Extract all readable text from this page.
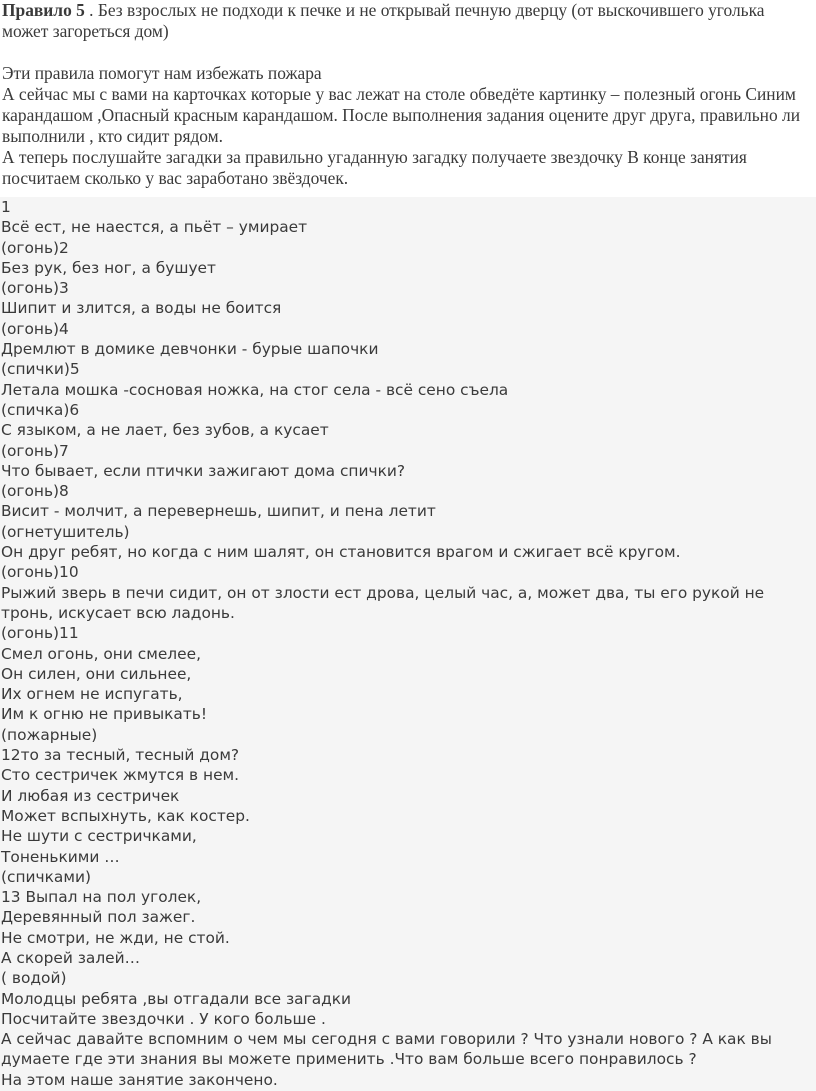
Правило 5 . Без взрослых не подходи к печке и не открывай печную дверцу (от выскочившего уголька может загореться дом)

Эти правила помогут нам избежать пожара

А сейчас мы с вами на карточках которые у вас лежат на столе обведёте картинку – полезный огонь Синим карандашом ,Опасный красным карандашом. После выполнения задания оцените друг друга, правильно ли выполнили , кто сидит рядом.

А теперь послушайте загадки за правильно угаданную загадку получаете звездочку В конце занятия посчитаем сколько у вас заработано звёздочек.

1
Всё ест, не наестся, а пьёт – умирает
(огонь)2
Без рук, без ног, а бушует
(огонь)3
Шипит и злится, а воды не боится
(огонь)4
Дремлют в домике девчонки - бурые шапочки
(спички)5
Летала мошка -сосновая ножка, на стог села - всё сено съела
(спичка)6
С языком, а не лает, без зубов, а кусает
(огонь)7
Что бывает, если птички зажигают дома спички?
(огонь)8
Висит - молчит, а перевернешь, шипит, и пена летит
(огнетушитель)
Он друг ребят, но когда с ним шалят, он становится врагом и сжигает всё кругом.
(огонь)10
Рыжий зверь в печи сидит, он от злости ест дрова, целый час, а, может два, ты его рукой не тронь, искусает всю ладонь.
(огонь)11
Смел огонь, они смелее,
Он силен, они сильнее,
Их огнем не испугать,
Им к огню не привыкать!
(пожарные)
12то за тесный, тесный дом?
Сто сестричек жмутся в нем.
И любая из сестричек
Может вспыхнуть, как костер.
Не шути с сестричками,
Тоненькими …
(спичками)
13 Выпал на пол уголек,
Деревянный пол зажег.
Не смотри, не жди, не стой.
А скорей залей…
( водой)
Молодцы ребята ,вы отгадали все загадки
Посчитайте звездочки . У кого больше .
А сейчас давайте вспомним о чем мы сегодня с вами говорили ? Что узнали нового ? А как вы думаете где эти знания вы можете применить .Что вам больше всего понравилось ?
На этом наше занятие закончено.
